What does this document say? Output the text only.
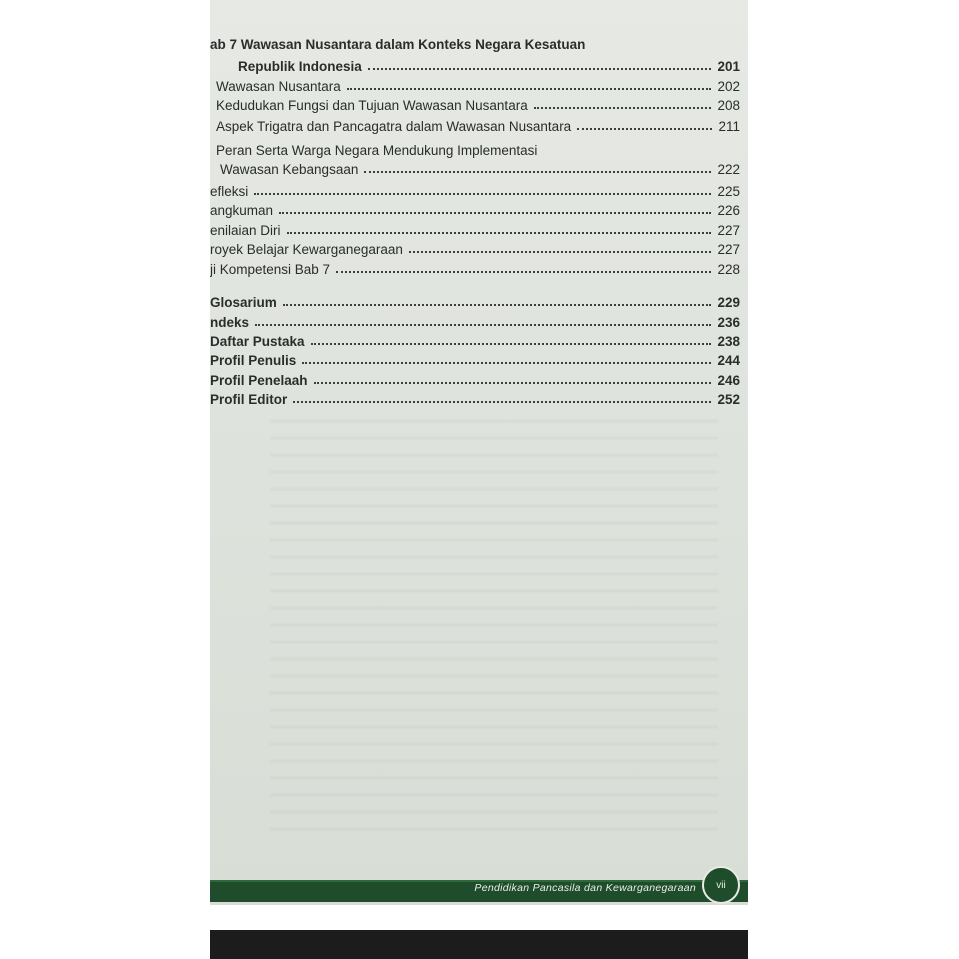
ab 7 Wawasan Nusantara dalam Konteks Negara Kesatuan
Republik Indonesia	201
Wawasan Nusantara	202
Kedudukan Fungsi dan Tujuan Wawasan Nusantara	208
Aspek Trigatra dan Pancagatra dalam Wawasan Nusantara	211
Peran Serta Warga Negara Mendukung Implementasi
Wawasan Kebangsaan	222
efleksi	225
angkuman	226
enilaian Diri	227
royek Belajar Kewarganegaraan	227
ji Kompetensi Bab 7	228
Glosarium	229
ndeks	236
Daftar Pustaka	238
Profil Penulis	244
Profil Penelaah	246
Profil Editor	252
Pendidikan Pancasila dan Kewarganegaraan	vii
